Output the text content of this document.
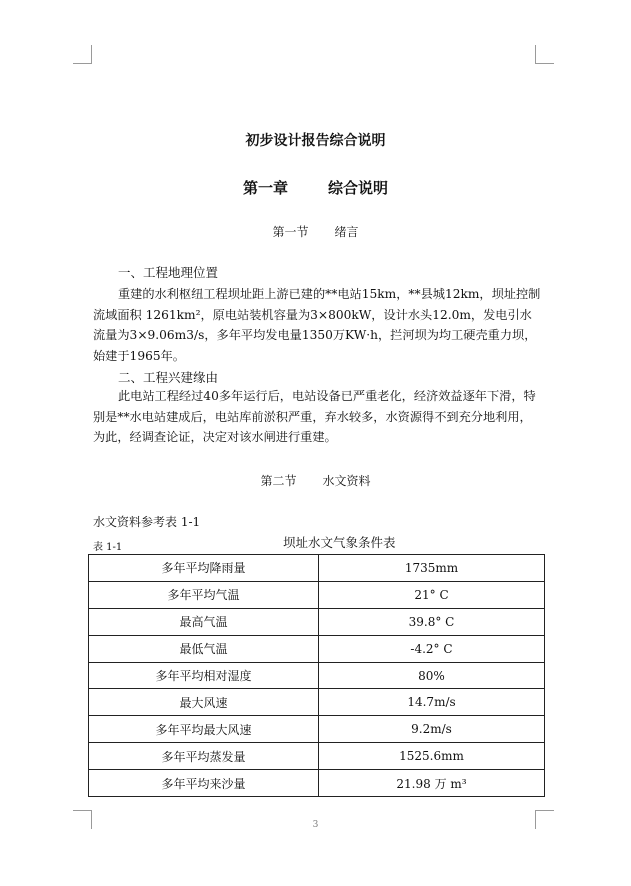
初步设计报告综合说明
第一章	综合说明
第一节 绪言
一、工程地理位置
重建的水利枢纽工程坝址距上游已建的**电站15km，**县城12km，坝址控制流域面积 1261km²，原电站装机容量为3×800kW，设计水头12.0m，发电引水流量为3×9.06m3/s，多年平均发电量1350万KW·h，拦河坝为均工硬壳重力坝，始建于1965年。
二、工程兴建缘由
此电站工程经过40多年运行后，电站设备已严重老化，经济效益逐年下滑，特别是**水电站建成后，电站库前淤积严重，弃水较多，水资源得不到充分地利用，为此，经调查论证，决定对该水闸进行重建。
第二节 水文资料
水文资料参考表 1-1
表 1-1	坝址水文气象条件表
多年平均降雨量	1735mm
多年平均气温	21° C
最高气温	39.8° C
最低气温	-4.2° C
多年平均相对湿度	80%
最大风速	14.7m/s
多年平均最大风速	9.2m/s
多年平均蒸发量	1525.6mm
多年平均来沙量	21.98 万 m³
3
